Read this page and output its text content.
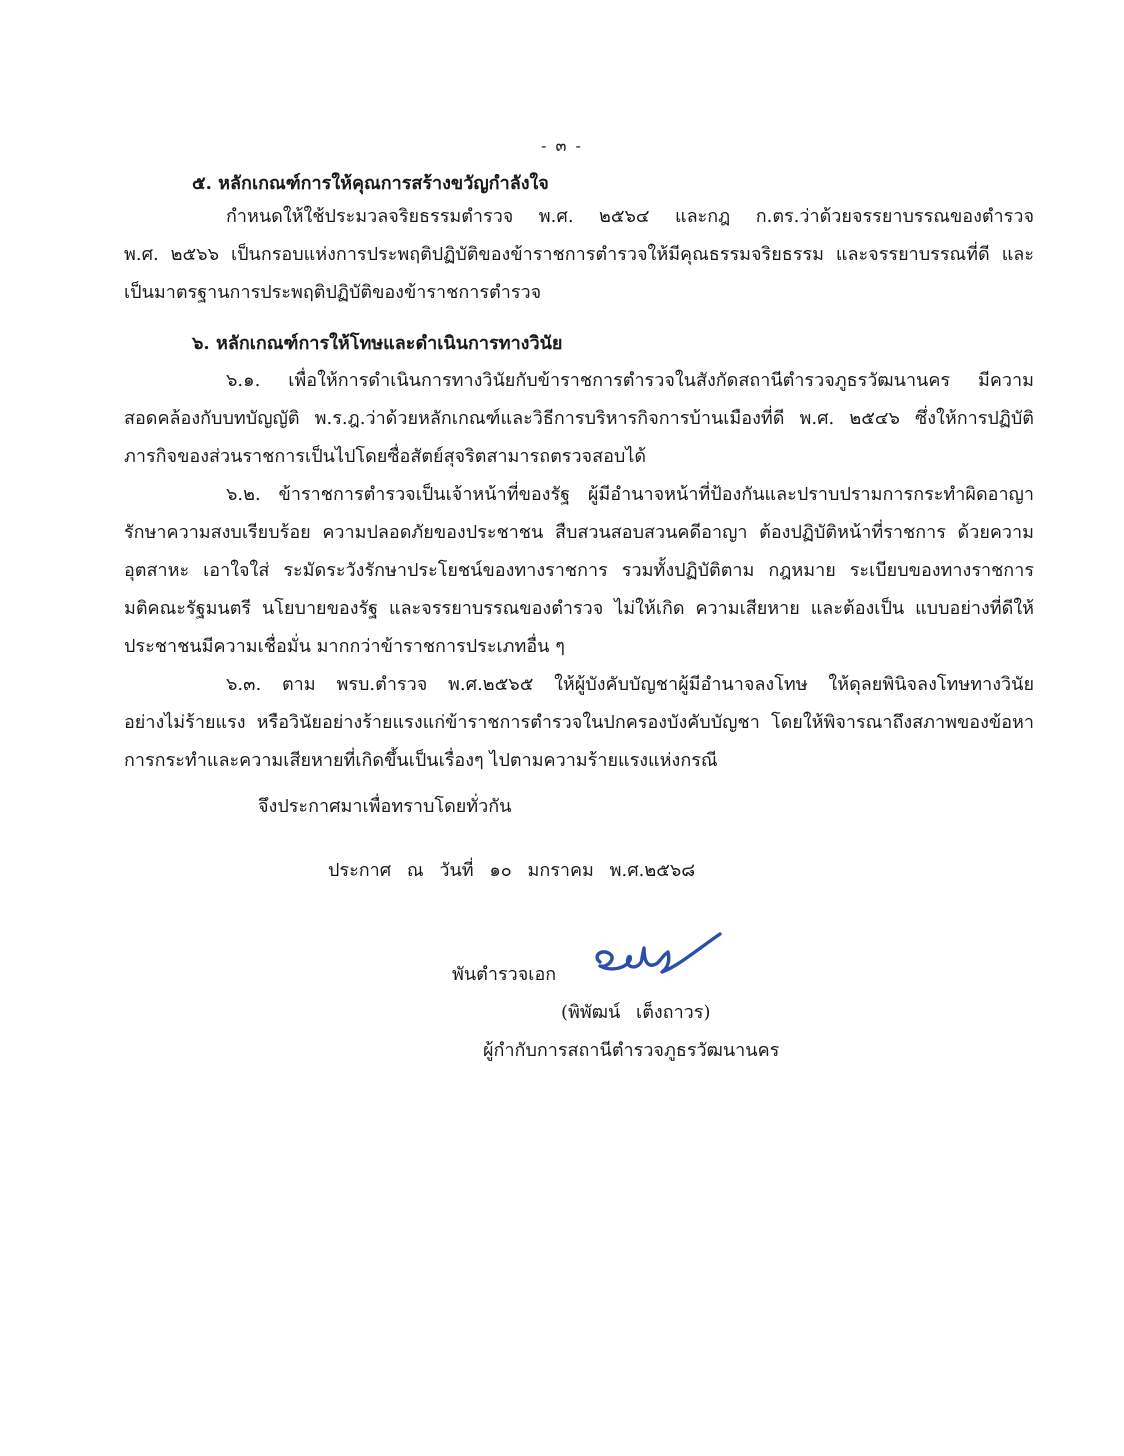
- ๓ -
๕. หลักเกณฑ์การให้คุณการสร้างขวัญกำลังใจ
กำหนดให้ใช้ประมวลจริยธรรมตำรวจ พ.ศ. ๒๕๖๔ และกฎ ก.ตร.ว่าด้วยจรรยาบรรณของตำรวจ
พ.ศ. ๒๕๖๖ เป็นกรอบแห่งการประพฤติปฏิบัติของข้าราชการตำรวจให้มีคุณธรรมจริยธรรม และจรรยาบรรณที่ดี และ
เป็นมาตรฐานการประพฤติปฏิบัติของข้าราชการตำรวจ
๖. หลักเกณฑ์การให้โทษและดำเนินการทางวินัย
๖.๑. เพื่อให้การดำเนินการทางวินัยกับข้าราชการตำรวจในสังกัดสถานีตำรวจภูธรวัฒนานคร มีความ
สอดคล้องกับบทบัญญัติ พ.ร.ฎ.ว่าด้วยหลักเกณฑ์และวิธีการบริหารกิจการบ้านเมืองที่ดี พ.ศ. ๒๕๔๖ ซึ่งให้การปฏิบัติ
ภารกิจของส่วนราชการเป็นไปโดยซื่อสัตย์สุจริตสามารถตรวจสอบได้
๖.๒. ข้าราชการตำรวจเป็นเจ้าหน้าที่ของรัฐ ผู้มีอำนาจหน้าที่ป้องกันและปราบปรามการกระทำผิดอาญา
รักษาความสงบเรียบร้อย ความปลอดภัยของประชาชน สืบสวนสอบสวนคดีอาญา ต้องปฏิบัติหน้าที่ราชการ ด้วยความ
อุตสาหะ เอาใจใส่ ระมัดระวังรักษาประโยชน์ของทางราชการ รวมทั้งปฏิบัติตาม กฎหมาย ระเบียบของทางราชการ
มติคณะรัฐมนตรี นโยบายของรัฐ และจรรยาบรรณของตำรวจ ไม่ให้เกิด ความเสียหาย และต้องเป็น แบบอย่างที่ดีให้
ประชาชนมีความเชื่อมั่น มากกว่าข้าราชการประเภทอื่น ๆ
๖.๓. ตาม พรบ.ตำรวจ พ.ศ.๒๕๖๕ ให้ผู้บังคับบัญชาผู้มีอำนาจลงโทษ ให้ดุลยพินิจลงโทษทางวินัย
อย่างไม่ร้ายแรง หรือวินัยอย่างร้ายแรงแก่ข้าราชการตำรวจในปกครองบังคับบัญชา โดยให้พิจารณาถึงสภาพของข้อหา
การกระทำและความเสียหายที่เกิดขึ้นเป็นเรื่องๆ ไปตามความร้ายแรงแห่งกรณี
จึงประกาศมาเพื่อทราบโดยทั่วกัน
ประกาศ ณ วันที่ ๑๐ มกราคม พ.ศ.๒๕๖๘
พันตำรวจเอก
(พิพัฒน์ เต็งถาวร)
ผู้กำกับการสถานีตำรวจภูธรวัฒนานคร
